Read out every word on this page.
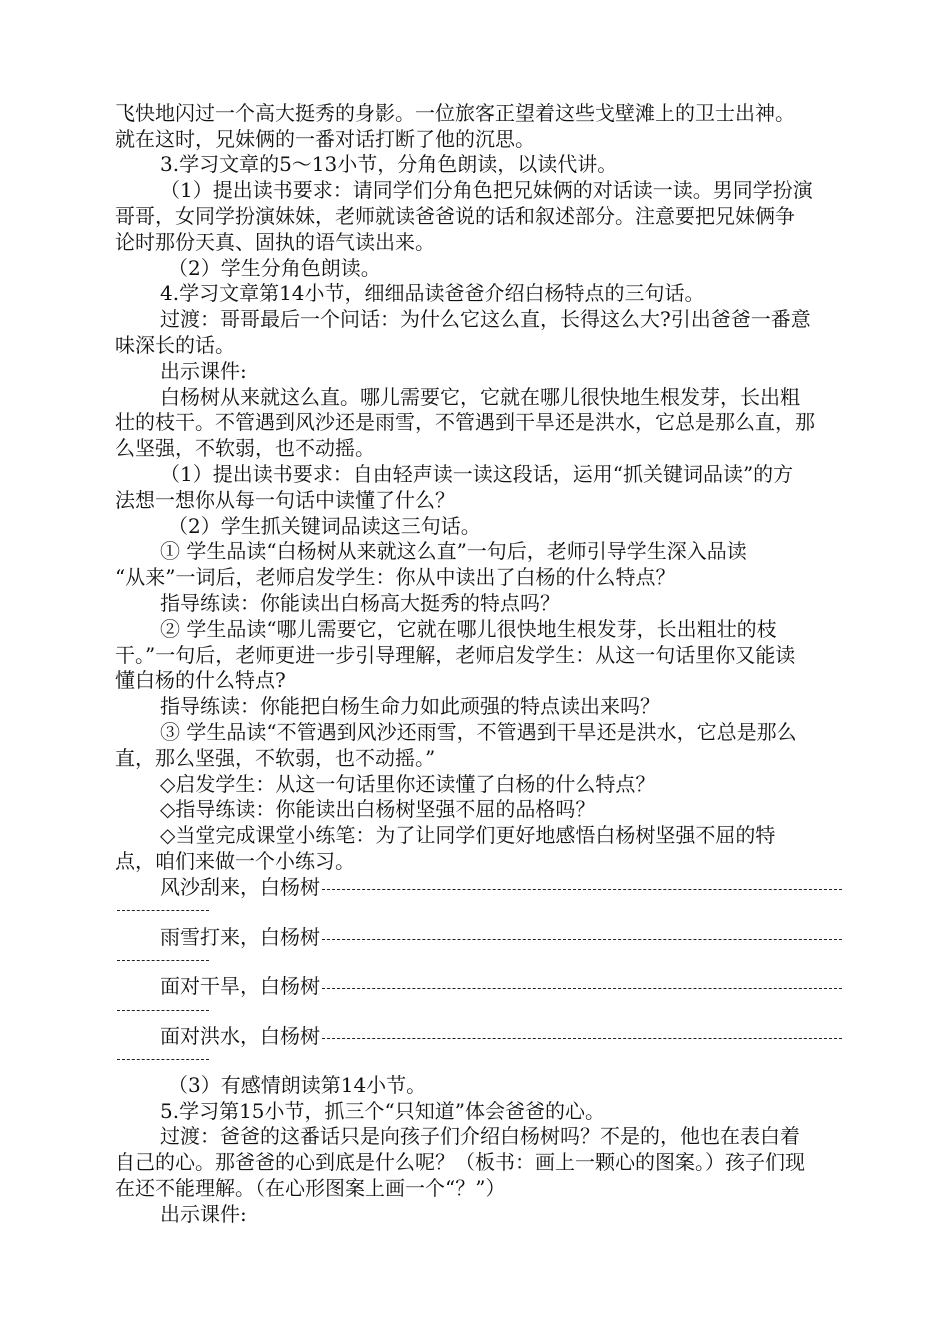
飞快地闪过一个高大挺秀的身影。一位旅客正望着这些戈壁滩上的卫士出神。
就在这时，兄妹俩的一番对话打断了他的沉思。
3.学习文章的5～13小节，分角色朗读，以读代讲。
（1）提出读书要求：请同学们分角色把兄妹俩的对话读一读。男同学扮演
哥哥，女同学扮演妹妹，老师就读爸爸说的话和叙述部分。注意要把兄妹俩争
论时那份天真、固执的语气读出来。
（2）学生分角色朗读。
4.学习文章第14小节，细细品读爸爸介绍白杨特点的三句话。
过渡：哥哥最后一个问话：为什么它这么直，长得这么大?引出爸爸一番意
味深长的话。
出示课件:
白杨树从来就这么直。哪儿需要它，它就在哪儿很快地生根发芽，长出粗
壮的枝干。不管遇到风沙还是雨雪，不管遇到干旱还是洪水，它总是那么直，那
么坚强，不软弱，也不动摇。
（1）提出读书要求：自由轻声读一读这段话，运用“抓关键词品读”的方
法想一想你从每一句话中读懂了什么？
（2）学生抓关键词品读这三句话。
① 学生品读“白杨树从来就这么直”一句后，老师引导学生深入品读
“从来”一词后，老师启发学生：你从中读出了白杨的什么特点？
指导练读：你能读出白杨高大挺秀的特点吗？
② 学生品读“哪儿需要它，它就在哪儿很快地生根发芽，长出粗壮的枝
干。”一句后，老师更进一步引导理解，老师启发学生：从这一句话里你又能读
懂白杨的什么特点?
指导练读：你能把白杨生命力如此顽强的特点读出来吗？
③ 学生品读“不管遇到风沙还雨雪，不管遇到干旱还是洪水，它总是那么
直，那么坚强，不软弱，也不动摇。”
◇启发学生：从这一句话里你还读懂了白杨的什么特点？
◇指导练读：你能读出白杨树坚强不屈的品格吗？
◇当堂完成课堂小练笔：为了让同学们更好地感悟白杨树坚强不屈的特
点，咱们来做一个小练习。
风沙刮来，白杨树
雨雪打来，白杨树
面对干旱，白杨树
面对洪水，白杨树
（3）有感情朗读第14小节。
5.学习第15小节，抓三个“只知道”体会爸爸的心。
过渡：爸爸的这番话只是向孩子们介绍白杨树吗？不是的，他也在表白着
自己的心。那爸爸的心到底是什么呢？（板书：画上一颗心的图案。）孩子们现
在还不能理解。（在心形图案上画一个“？”）
出示课件:
